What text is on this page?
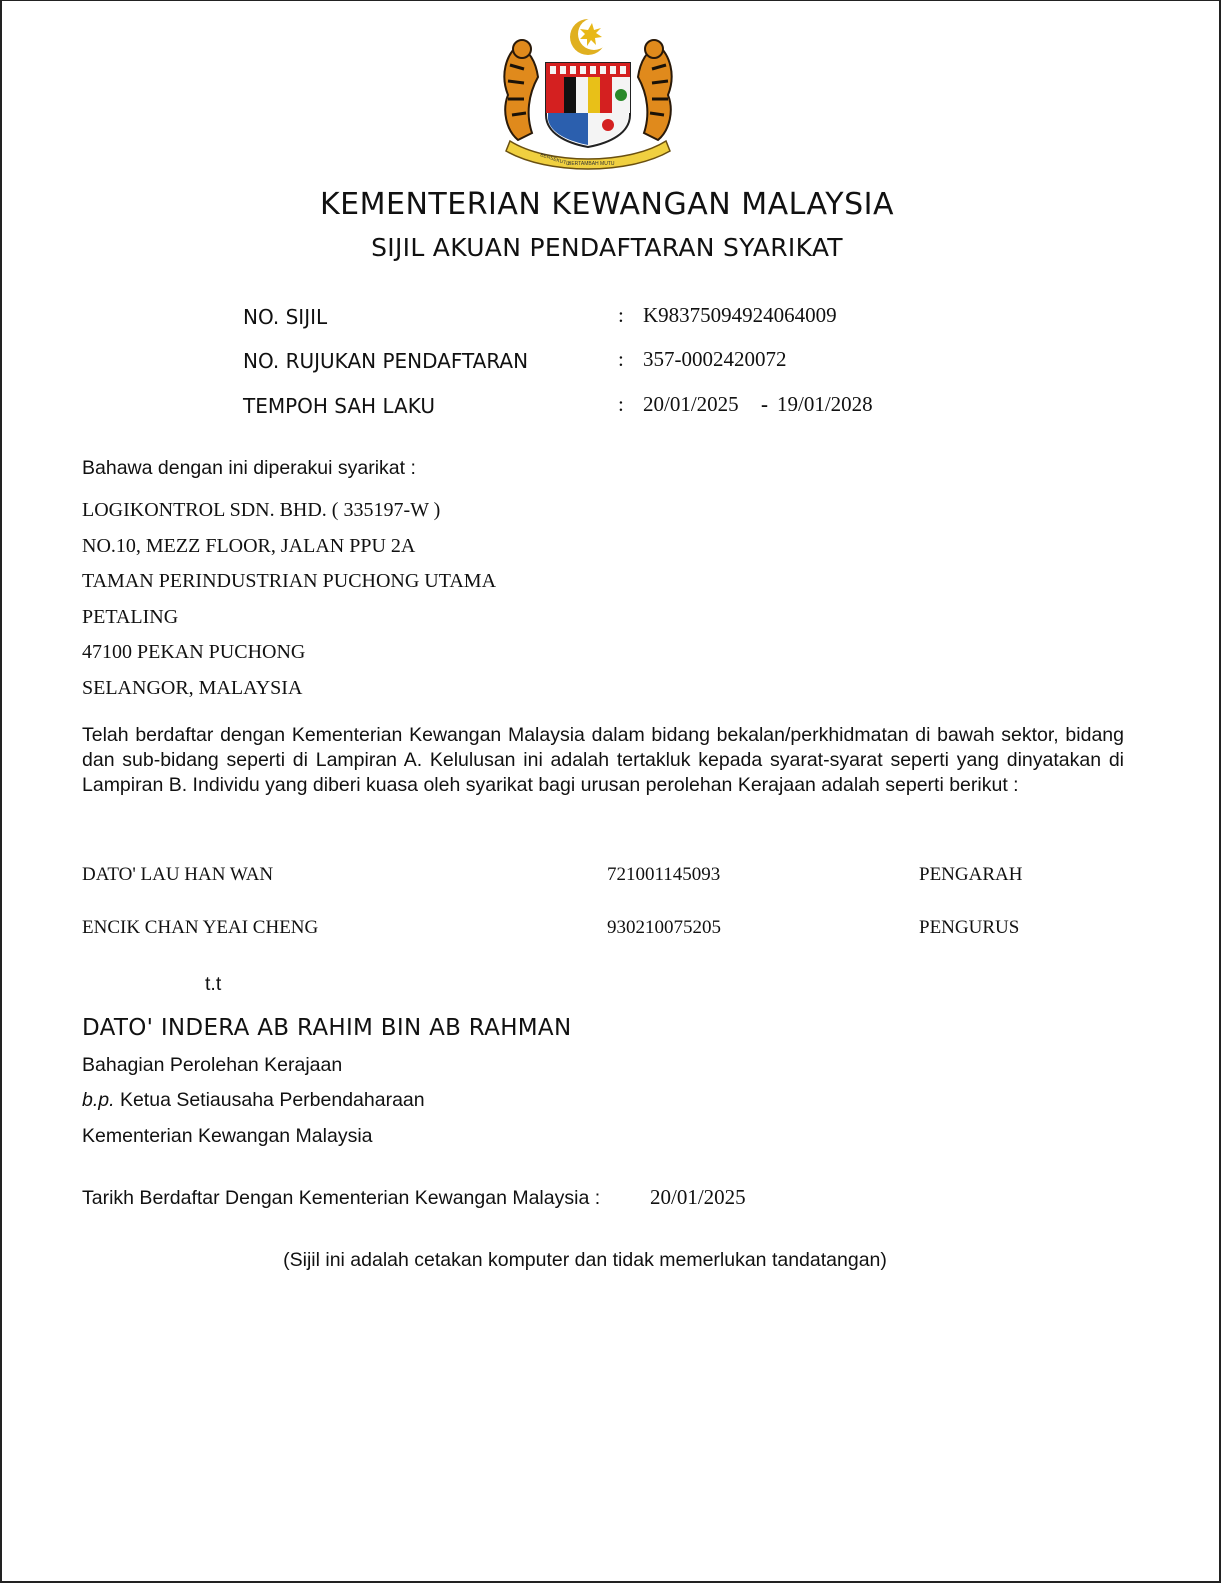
BERSEKUTU
BERTAMBAH MUTU
KEMENTERIAN KEWANGAN MALAYSIA
SIJIL AKUAN PENDAFTARAN SYARIKAT
NO. SIJIL	: K98375094924064009
NO. RUJUKAN PENDAFTARAN	: 357-0002420072
TEMPOH SAH LAKU	: 20/01/2025 - 19/01/2028
Bahawa dengan ini diperakui syarikat :
LOGIKONTROL SDN. BHD. ( 335197-W )
NO.10, MEZZ FLOOR, JALAN PPU 2A
TAMAN PERINDUSTRIAN PUCHONG UTAMA
PETALING
47100 PEKAN PUCHONG
SELANGOR, MALAYSIA
Telah berdaftar dengan Kementerian Kewangan Malaysia dalam bidang bekalan/perkhidmatan di bawah sektor, bidang dan sub-bidang seperti di Lampiran A. Kelulusan ini adalah tertakluk kepada syarat-syarat seperti yang dinyatakan di Lampiran B. Individu yang diberi kuasa oleh syarikat bagi urusan perolehan Kerajaan adalah seperti berikut :
DATO' LAU HAN WAN	721001145093	PENGARAH
ENCIK CHAN YEAI CHENG	930210075205	PENGURUS
t.t
DATO' INDERA AB RAHIM BIN AB RAHMAN
Bahagian Perolehan Kerajaan
b.p. Ketua Setiausaha Perbendaharaan
Kementerian Kewangan Malaysia
Tarikh Berdaftar Dengan Kementerian Kewangan Malaysia : 20/01/2025
(Sijil ini adalah cetakan komputer dan tidak memerlukan tandatangan)
